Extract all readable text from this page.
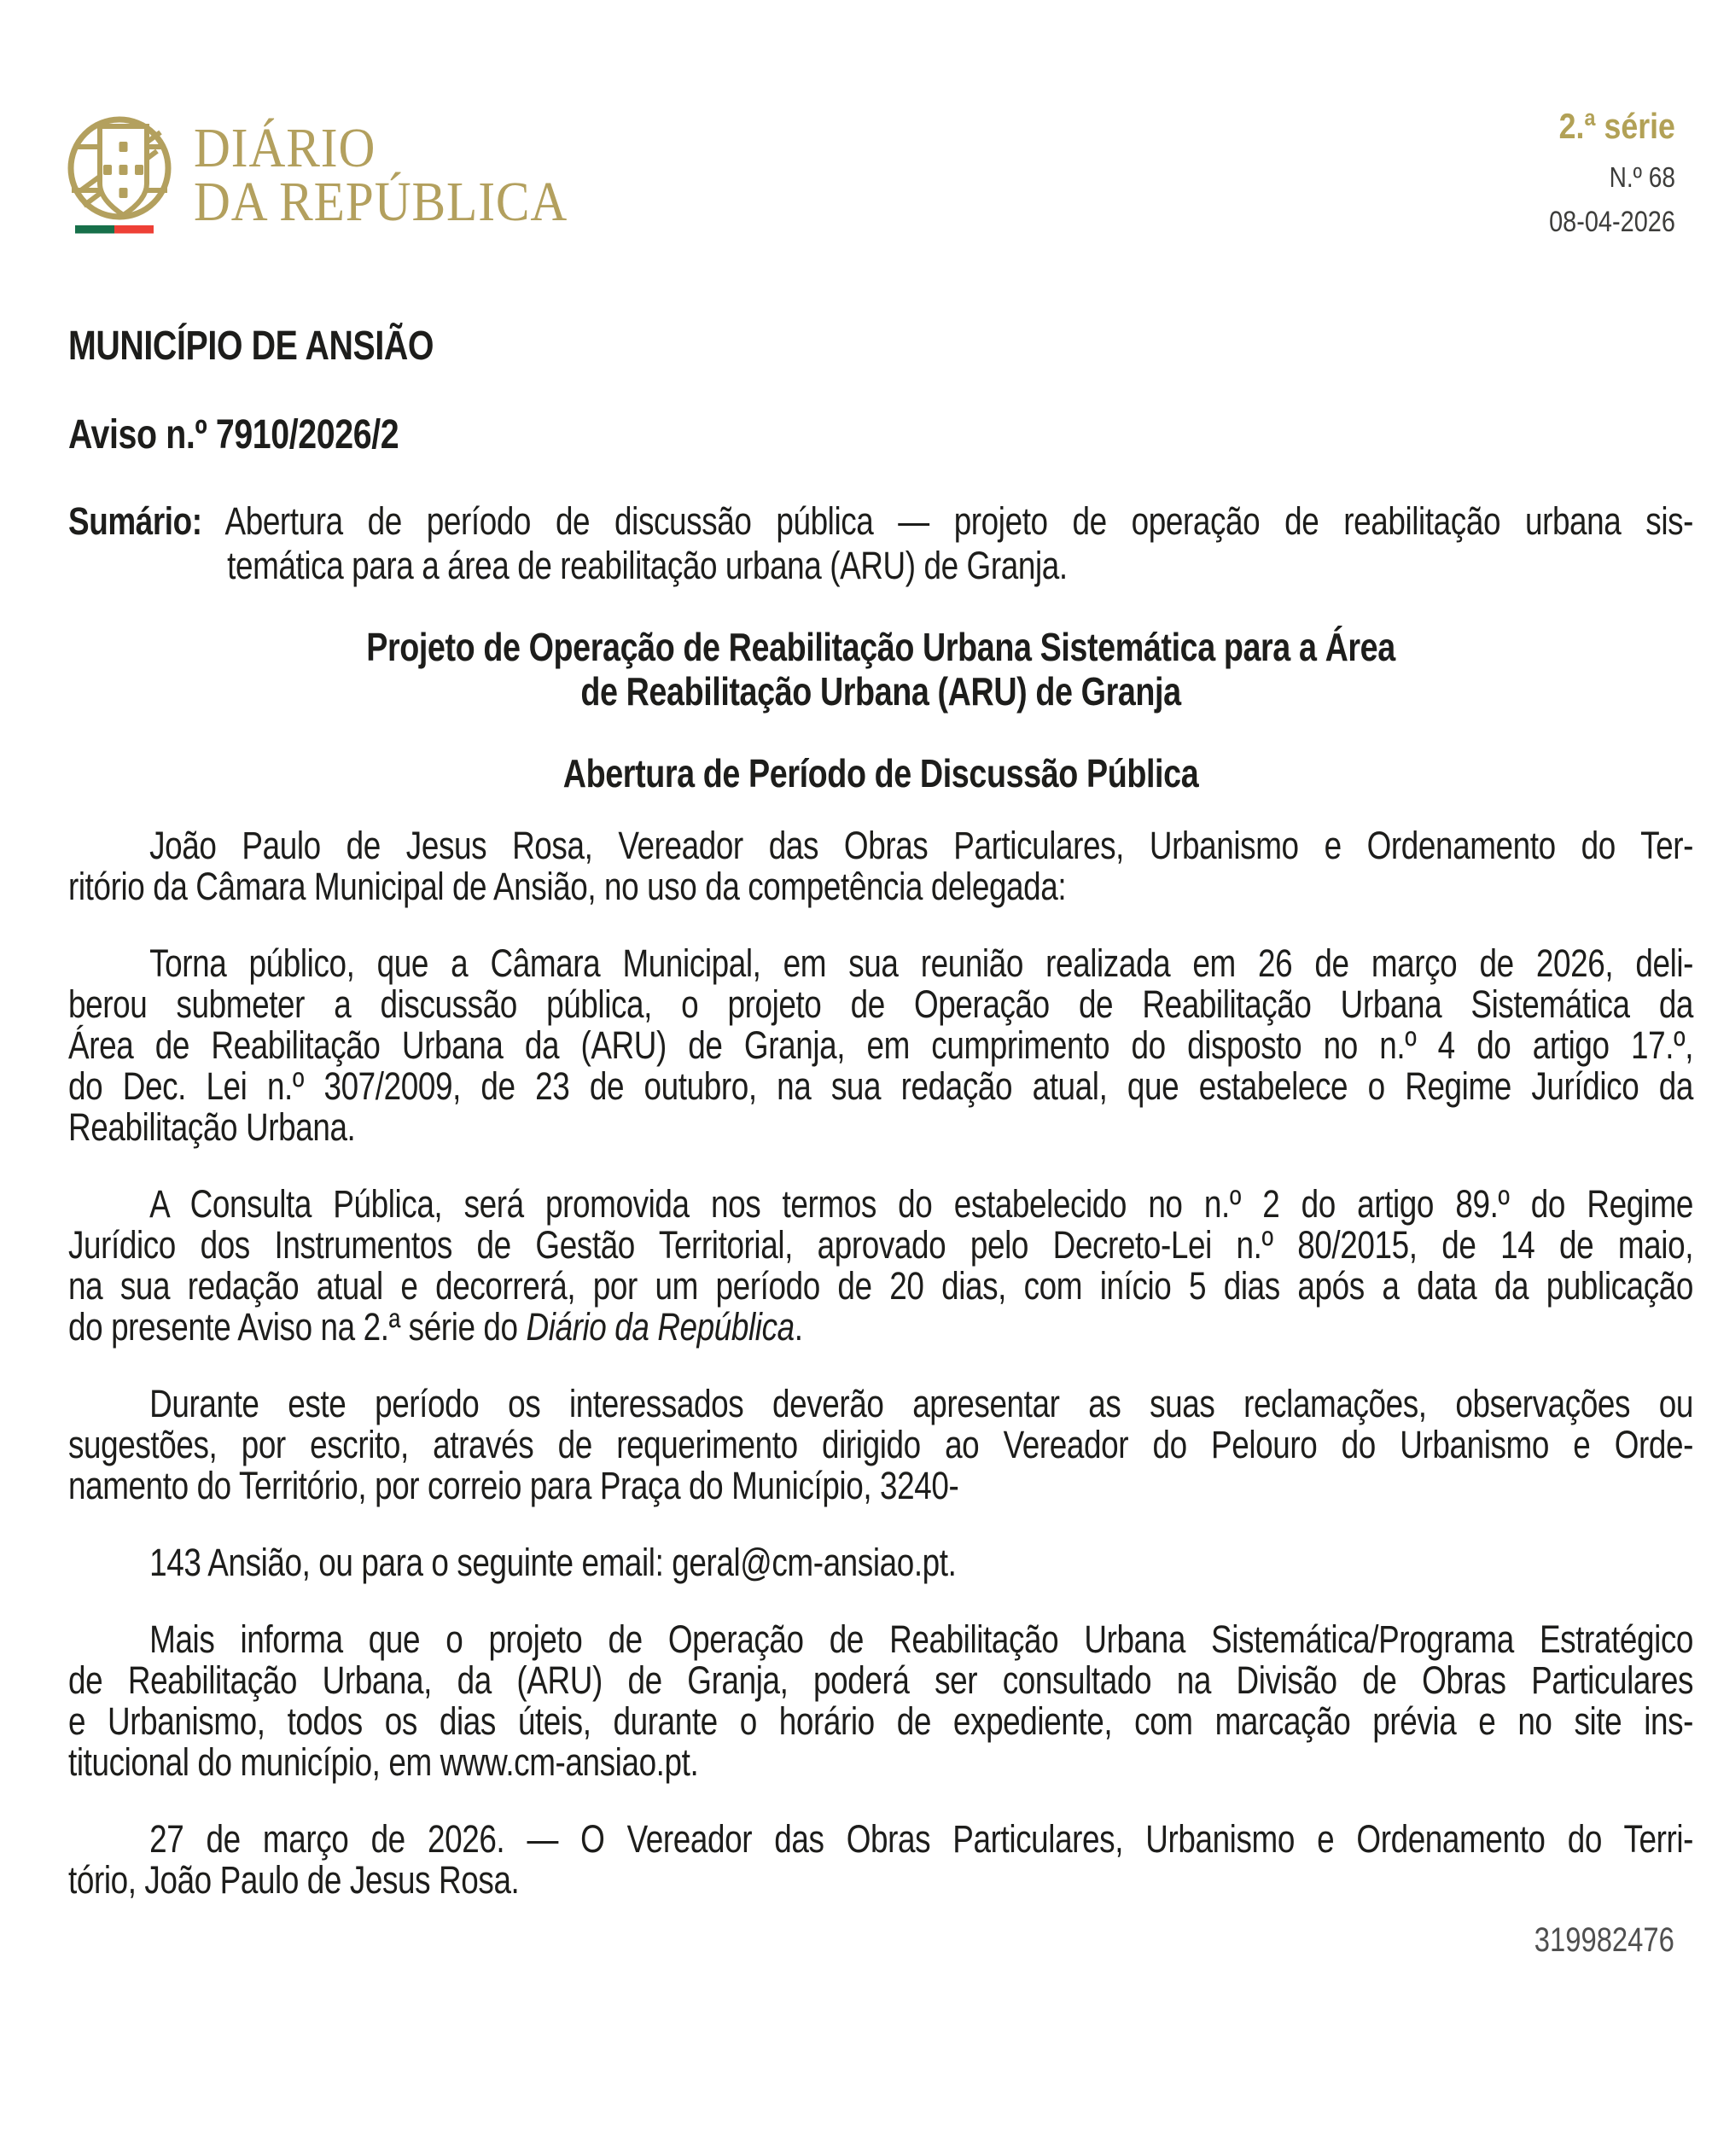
DIÁRIO
DA REPÚBLICA
2.ª série
N.º 68
08-04-2026
MUNICÍPIO DE ANSIÃO
Aviso n.º 7910/2026/2
Sumário: Abertura de período de discussão pública — projeto de operação de reabilitação urbana sis-
temática para a área de reabilitação urbana (ARU) de Granja.
Projeto de Operação de Reabilitação Urbana Sistemática para a Área
de Reabilitação Urbana (ARU) de Granja
Abertura de Período de Discussão Pública
João Paulo de Jesus Rosa, Vereador das Obras Particulares, Urbanismo e Ordenamento do Ter-
ritório da Câmara Municipal de Ansião, no uso da competência delegada:
Torna público, que a Câmara Municipal, em sua reunião realizada em 26 de março de 2026, deli-
berou submeter a discussão pública, o projeto de Operação de Reabilitação Urbana Sistemática da
Área de Reabilitação Urbana da (ARU) de Granja, em cumprimento do disposto no n.º 4 do artigo 17.º,
do Dec. Lei n.º 307/2009, de 23 de outubro, na sua redação atual, que estabelece o Regime Jurídico da
Reabilitação Urbana.
A Consulta Pública, será promovida nos termos do estabelecido no n.º 2 do artigo 89.º do Regime
Jurídico dos Instrumentos de Gestão Territorial, aprovado pelo Decreto-Lei n.º 80/2015, de 14 de maio,
na sua redação atual e decorrerá, por um período de 20 dias, com início 5 dias após a data da publicação
do presente Aviso na 2.ª série do Diário da República.
Durante este período os interessados deverão apresentar as suas reclamações, observações ou
sugestões, por escrito, através de requerimento dirigido ao Vereador do Pelouro do Urbanismo e Orde-
namento do Território, por correio para Praça do Município, 3240-
143 Ansião, ou para o seguinte email: geral@cm-ansiao.pt.
Mais informa que o projeto de Operação de Reabilitação Urbana Sistemática/Programa Estratégico
de Reabilitação Urbana, da (ARU) de Granja, poderá ser consultado na Divisão de Obras Particulares
e Urbanismo, todos os dias úteis, durante o horário de expediente, com marcação prévia e no site ins-
titucional do município, em www.cm-ansiao.pt.
27 de março de 2026. — O Vereador das Obras Particulares, Urbanismo e Ordenamento do Terri-
tório, João Paulo de Jesus Rosa.
319982476
